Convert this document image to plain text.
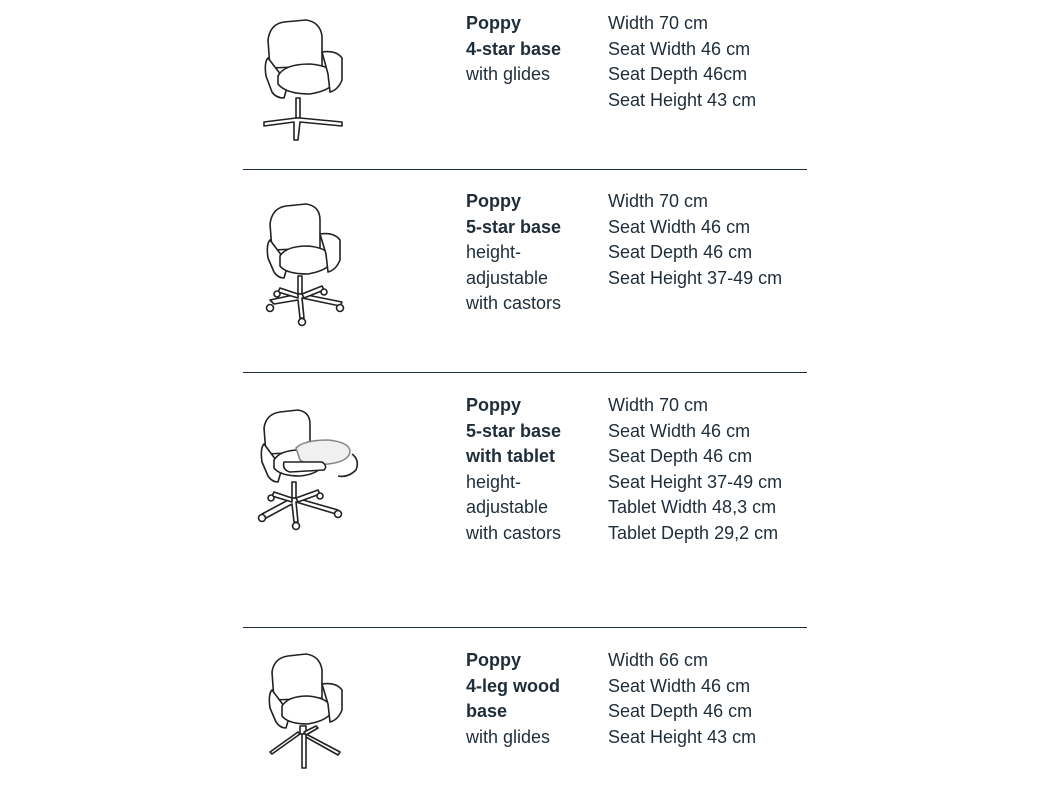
Poppy
4-star base
with glides
Width 70 cm
Seat Width 46 cm
Seat Depth 46cm
Seat Height 43 cm
Poppy
5-star base
height-
adjustable
with castors
Width 70 cm
Seat Width 46 cm
Seat Depth 46 cm
Seat Height 37-49 cm
Poppy
5-star base
with tablet
height-
adjustable
with castors
Width 70 cm
Seat Width 46 cm
Seat Depth 46 cm
Seat Height 37-49 cm
Tablet Width 48,3 cm
Tablet Depth 29,2 cm
Poppy
4-leg wood
base
with glides
Width 66 cm
Seat Width 46 cm
Seat Depth 46 cm
Seat Height 43 cm
